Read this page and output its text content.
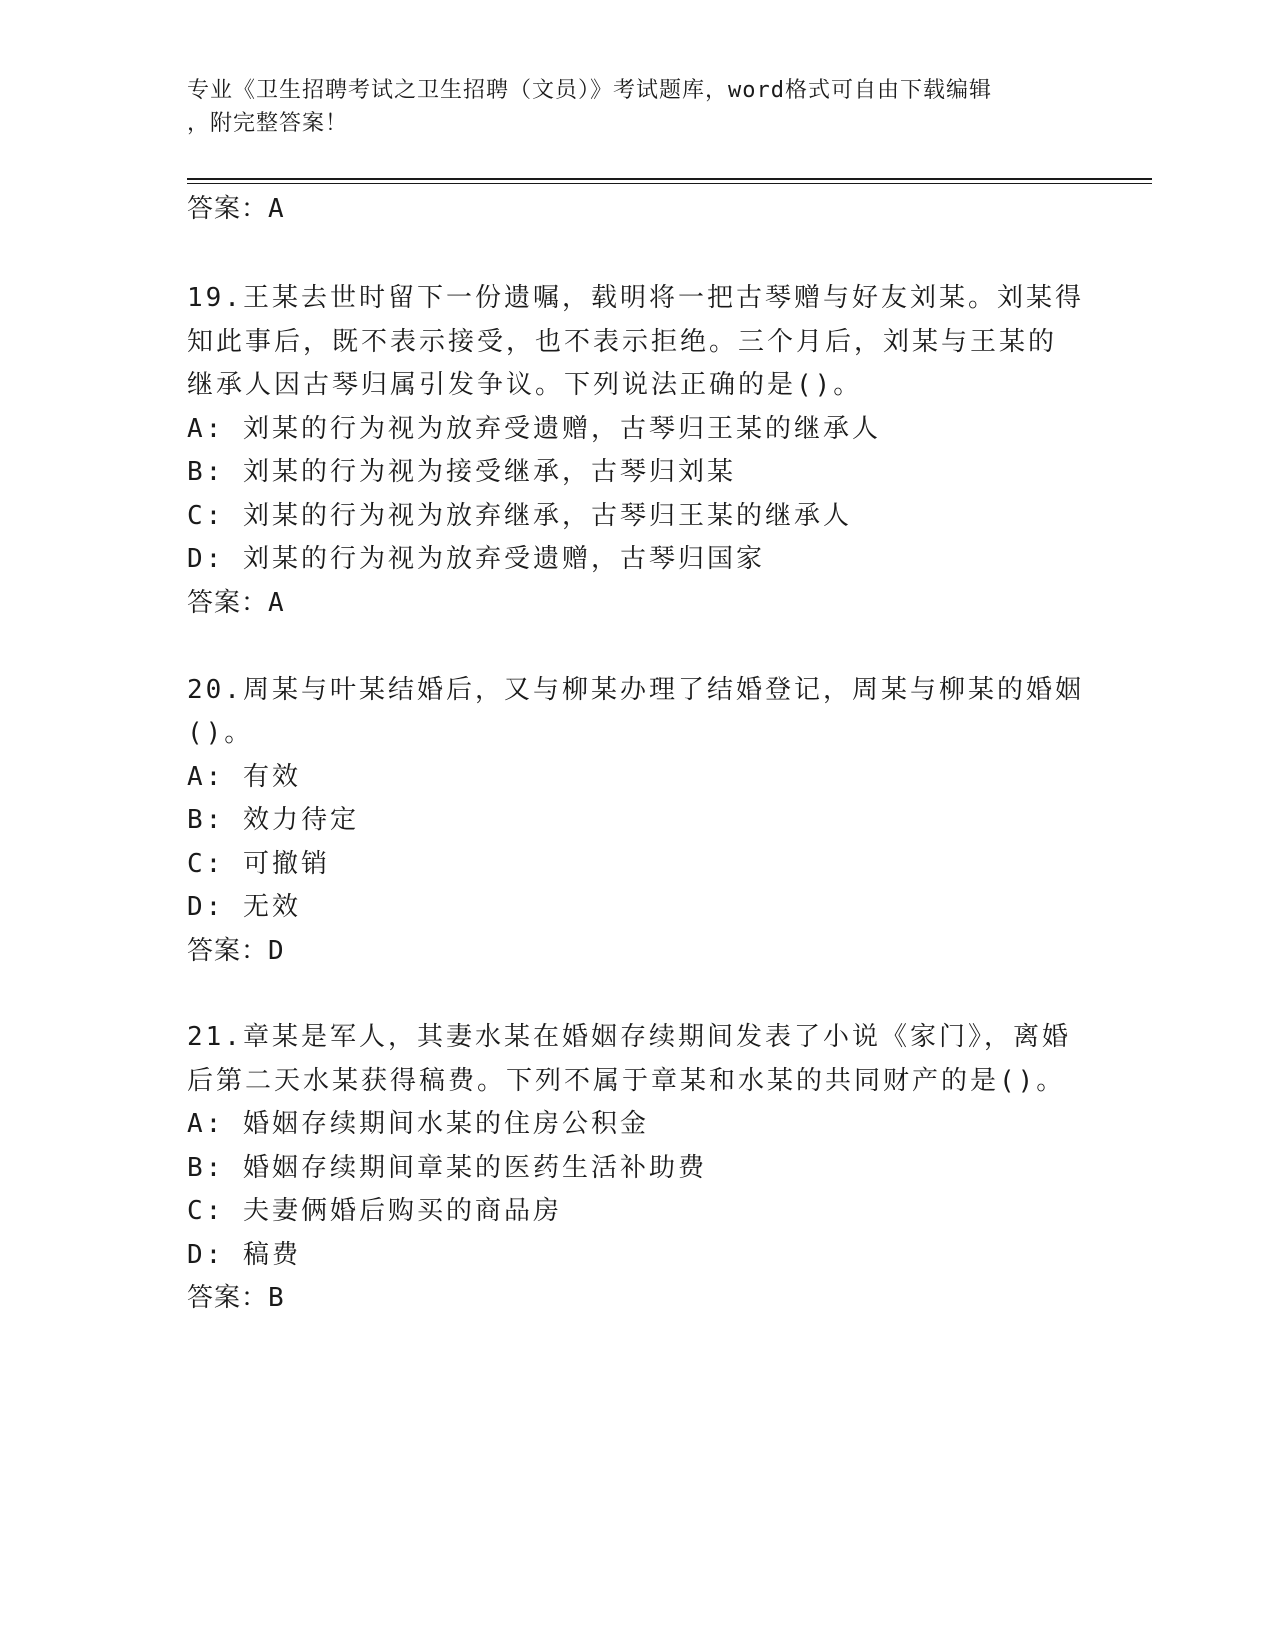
专业《卫生招聘考试之卫生招聘（文员）》考试题库，word格式可自由下载编辑
，附完整答案！
答案：A
19.王某去世时留下一份遗嘱，载明将一把古琴赠与好友刘某。刘某得
知此事后，既不表示接受，也不表示拒绝。三个月后，刘某与王某的
继承人因古琴归属引发争议。下列说法正确的是()。
A: 刘某的行为视为放弃受遗赠，古琴归王某的继承人
B: 刘某的行为视为接受继承，古琴归刘某
C: 刘某的行为视为放弃继承，古琴归王某的继承人
D: 刘某的行为视为放弃受遗赠，古琴归国家
答案：A
20.周某与叶某结婚后，又与柳某办理了结婚登记，周某与柳某的婚姻
()。
A: 有效
B: 效力待定
C: 可撤销
D: 无效
答案：D
21.章某是军人，其妻水某在婚姻存续期间发表了小说《家门》，离婚
后第二天水某获得稿费。下列不属于章某和水某的共同财产的是()。
A: 婚姻存续期间水某的住房公积金
B: 婚姻存续期间章某的医药生活补助费
C: 夫妻俩婚后购买的商品房
D: 稿费
答案：B
